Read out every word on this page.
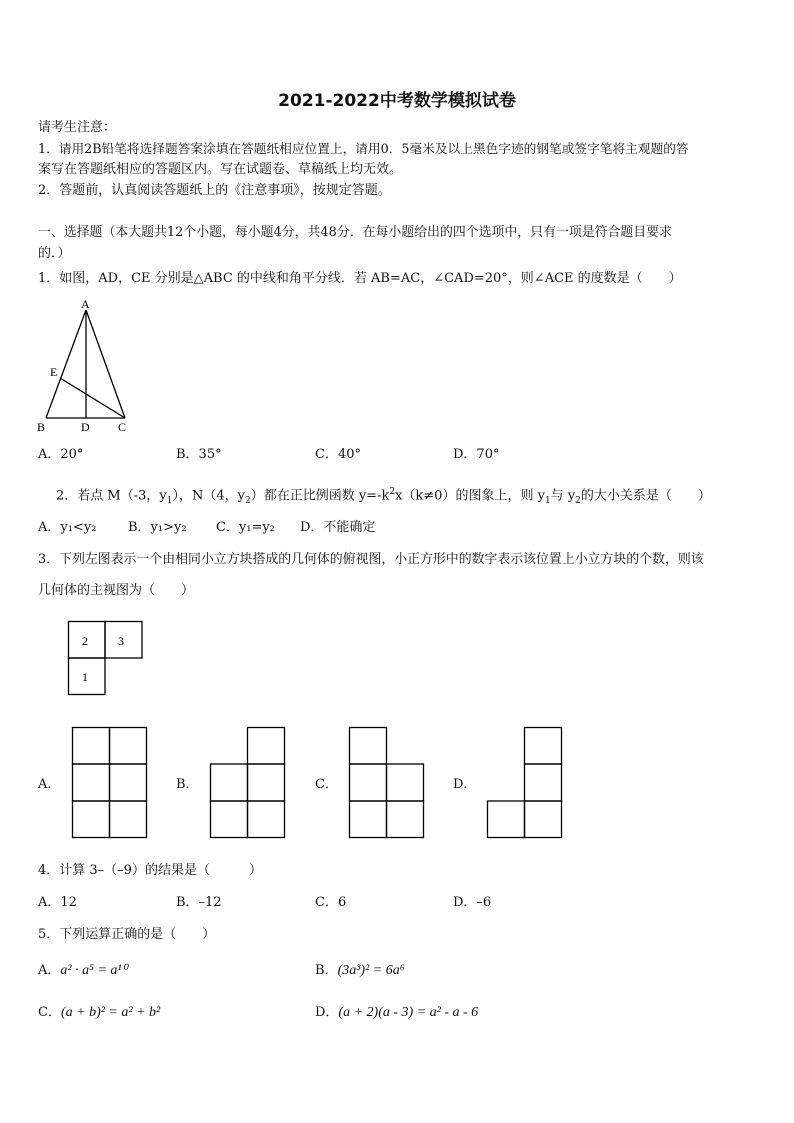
2021-2022中考数学模拟试卷
请考生注意：
1．请用2B铅笔将选择题答案涂填在答题纸相应位置上，请用0．5毫米及以上黑色字迹的钢笔或签字笔将主观题的答
案写在答题纸相应的答题区内。写在试题卷、草稿纸上均无效。
2．答题前，认真阅读答题纸上的《注意事项》，按规定答题。
一、选择题（本大题共12个小题，每小题4分，共48分．在每小题给出的四个选项中，只有一项是符合题目要求
的．）
1．如图，AD，CE 分别是△ABC 的中线和角平分线．若 AB=AC，∠CAD=20°，则∠ACE 的度数是（　　）
A
E
B	D C
A．20°	B．35°	C．40°	D．70°
2．若点 M（-3，$y_1$），N（4，$y_2$）都在正比例函数 $y=-k^2x(k\ne 0)$的图象上，则 $y_1$与 $y_2$的大小关系是（　　）
A．y₁<y₂ B．y₁>y₂ C．y₁=y₂ D．不能确定
3．下列左图表示一个由相同小立方块搭成的几何体的俯视图，小正方形中的数字表示该位置上小立方块的个数，则该
几何体的主视图为（　　）
2	3
1
A．	B．	C．	D．
4．计算 3–（–9）的结果是（　　　）
A．12	B．–12	C．6	D．–6
5．下列运算正确的是（　　）
A．a² · a⁵ = a¹⁰	B．(3a³)² = 6a⁶
C．(a + b)² = a² + b²	D．(a + 2)(a - 3) = a² - a - 6
